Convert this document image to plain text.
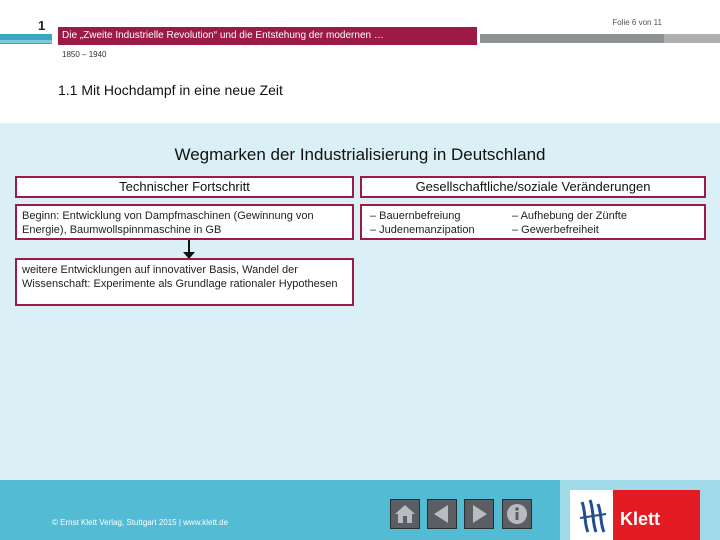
1
Die „Zweite Industrielle Revolution“ und die Entstehung der modernen …
Folie 6 von 11
1850 – 1940
1.1 Mit Hochdampf in eine neue Zeit
Wegmarken der Industrialisierung in Deutschland
Technischer Fortschritt	Gesellschaftliche/soziale Veränderungen
Beginn: Entwicklung von Dampfmaschinen (Gewinnung von Energie), Baumwollspinnmaschine in GB
weitere Entwicklungen auf innovativer Basis, Wandel der Wissenschaft: Experimente als Grundlage rationaler Hypothesen
– Bauernbefreiung
– Judenemanzipation
– Aufhebung der Zünfte
– Gewerbefreiheit
© Ernst Klett Verlag, Stuttgart 2015 | www.klett.de	Klett
